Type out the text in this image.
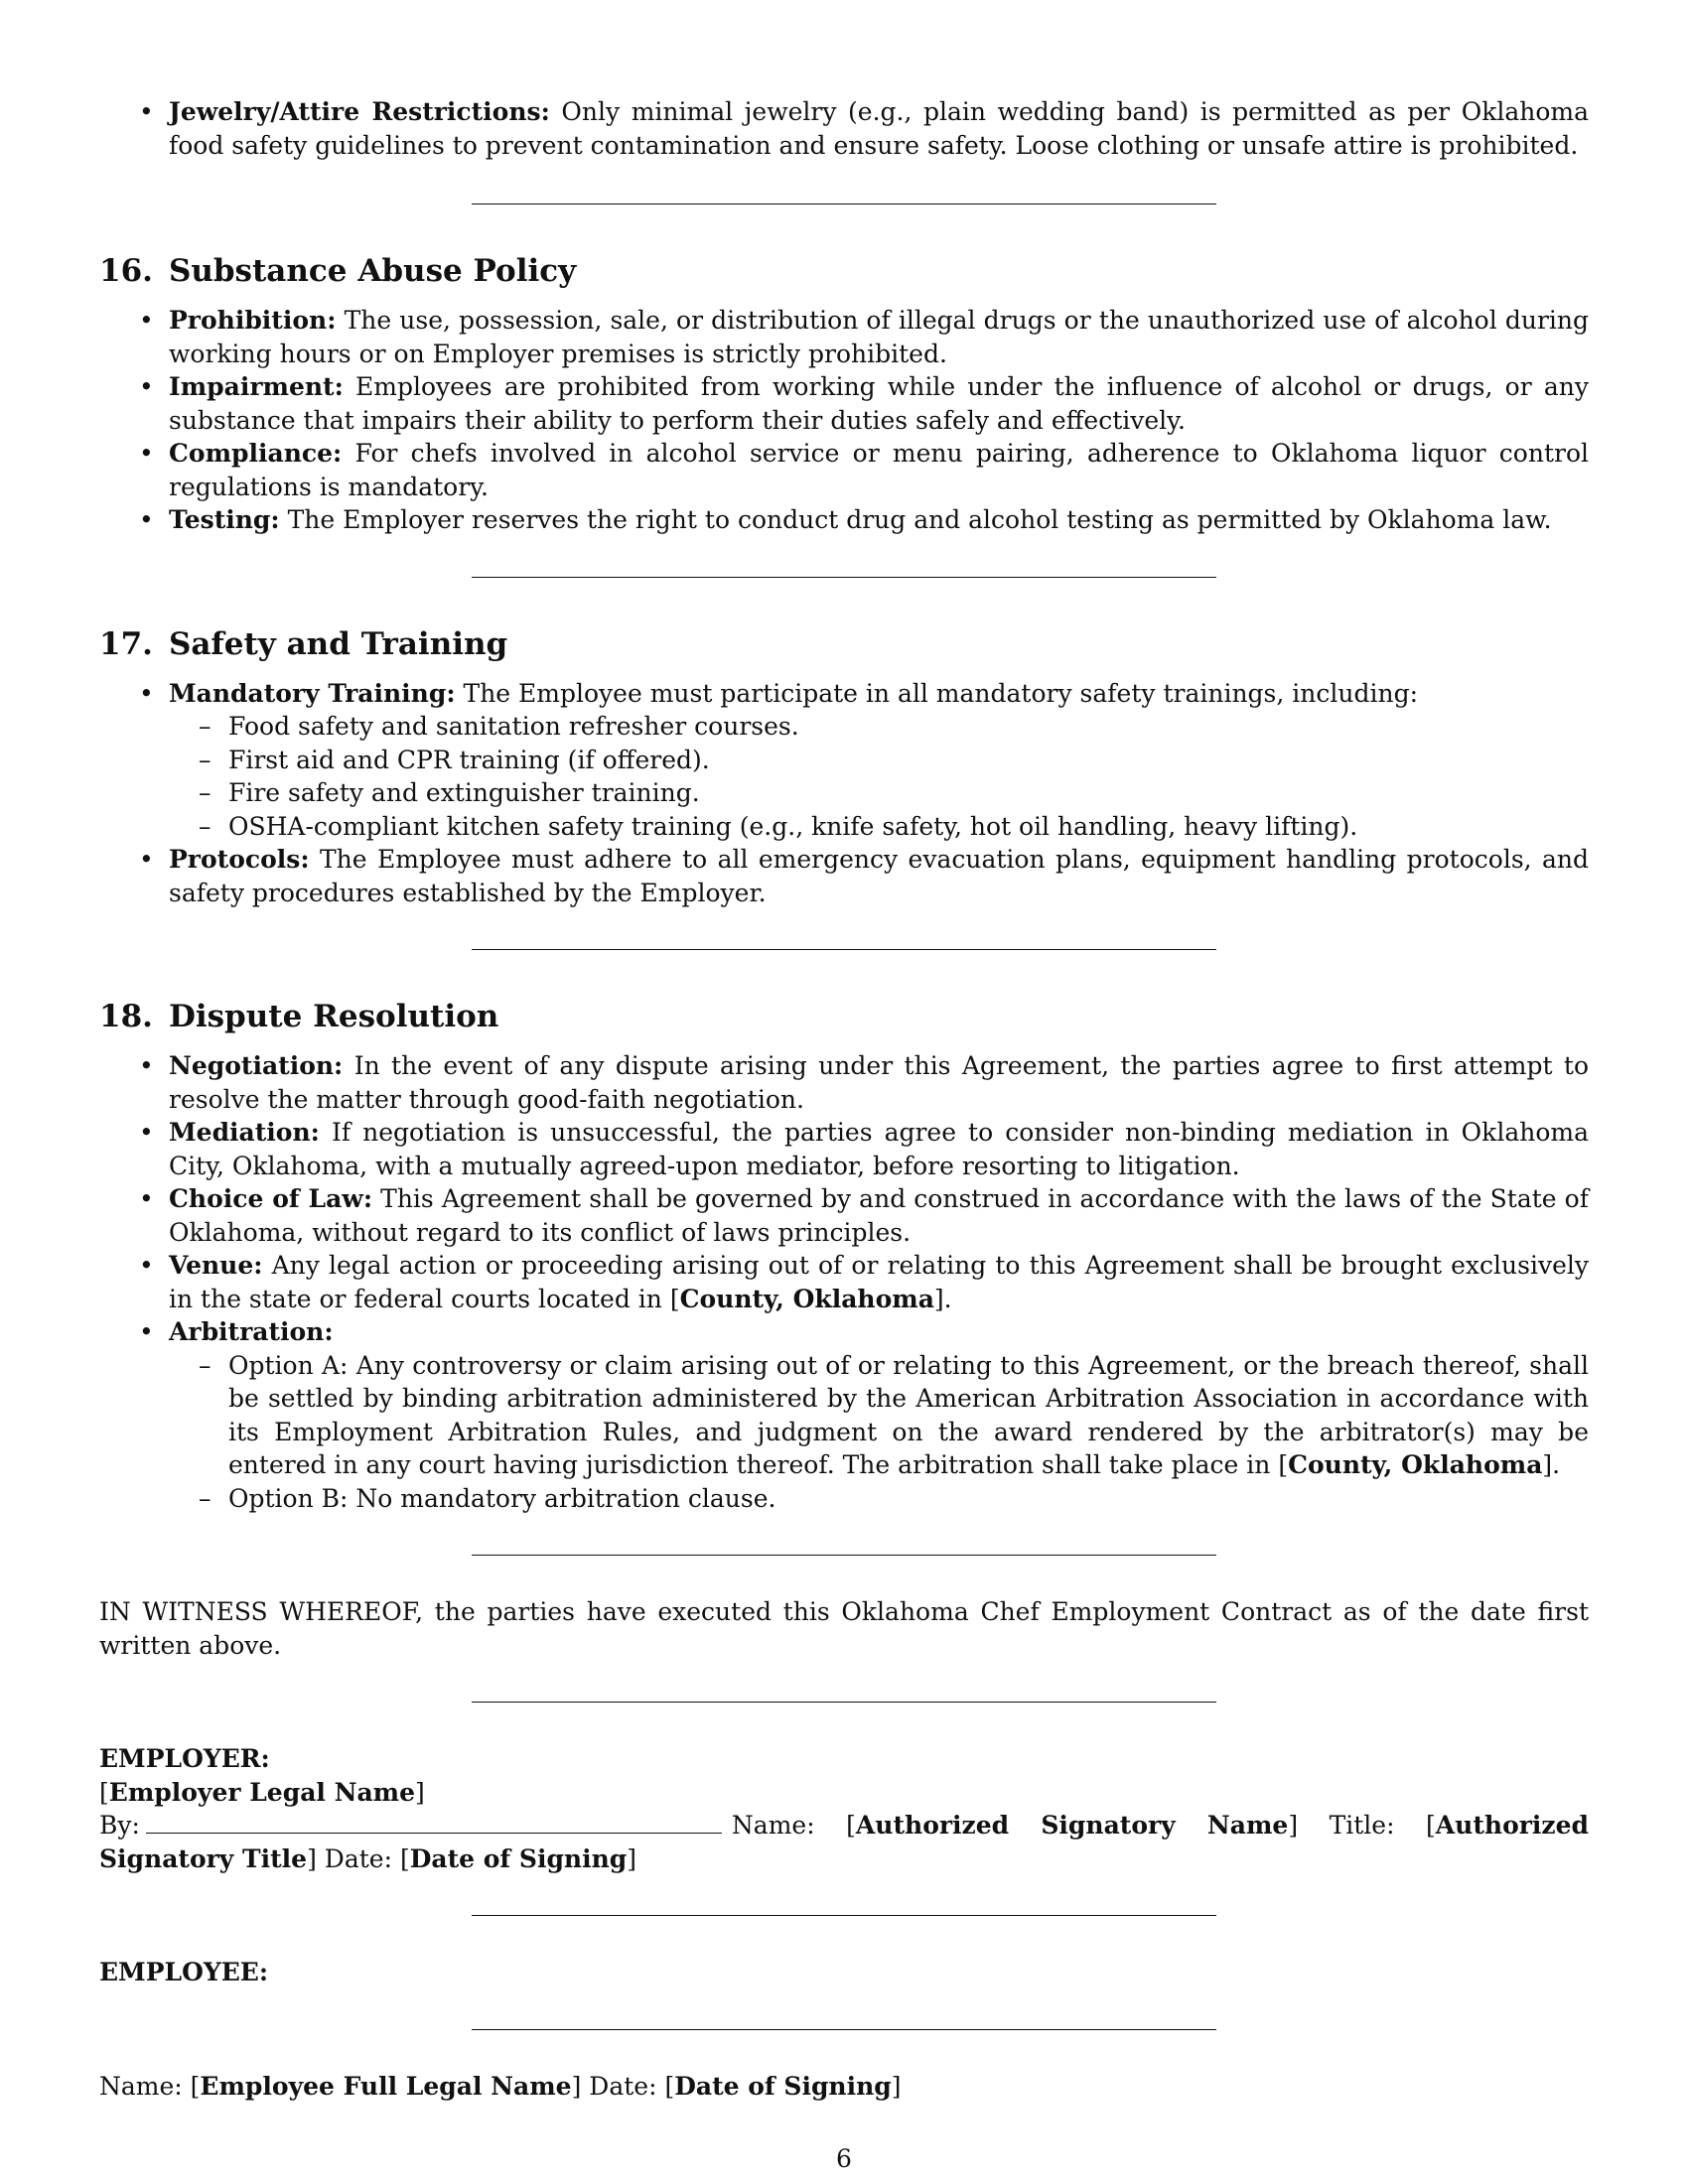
• Jewelry/Attire Restrictions: Only minimal jewelry (e.g., plain wedding band) is permitted as per Oklahoma food safety guidelines to prevent contamination and ensure safety. Loose clothing or unsafe attire is prohibited.
16. Substance Abuse Policy
• Prohibition: The use, possession, sale, or distribution of illegal drugs or the unauthorized use of alcohol during working hours or on Employer premises is strictly prohibited.
• Impairment: Employees are prohibited from working while under the influence of alcohol or drugs, or any substance that impairs their ability to perform their duties safely and effectively.
• Compliance: For chefs involved in alcohol service or menu pairing, adherence to Oklahoma liquor control regulations is mandatory.
• Testing: The Employer reserves the right to conduct drug and alcohol testing as permitted by Oklahoma law.
17. Safety and Training
• Mandatory Training: The Employee must participate in all mandatory safety trainings, including:
– Food safety and sanitation refresher courses.
– First aid and CPR training (if offered).
– Fire safety and extinguisher training.
– OSHA-compliant kitchen safety training (e.g., knife safety, hot oil handling, heavy lifting).
• Protocols: The Employee must adhere to all emergency evacuation plans, equipment handling protocols, and safety procedures established by the Employer.
18. Dispute Resolution
• Negotiation: In the event of any dispute arising under this Agreement, the parties agree to first attempt to resolve the matter through good-faith negotiation.
• Mediation: If negotiation is unsuccessful, the parties agree to consider non-binding mediation in Oklahoma City, Oklahoma, with a mutually agreed-upon mediator, before resorting to litigation.
• Choice of Law: This Agreement shall be governed by and construed in accordance with the laws of the State of Oklahoma, without regard to its conflict of laws principles.
• Venue: Any legal action or proceeding arising out of or relating to this Agreement shall be brought exclusively in the state or federal courts located in [County, Oklahoma].
• Arbitration:
– Option A: Any controversy or claim arising out of or relating to this Agreement, or the breach thereof, shall be settled by binding arbitration administered by the American Arbitration Association in accordance with its Employment Arbitration Rules, and judgment on the award rendered by the arbitrator(s) may be entered in any court having jurisdiction thereof. The arbitration shall take place in [County, Oklahoma].
– Option B: No mandatory arbitration clause.

IN WITNESS WHEREOF, the parties have executed this Oklahoma Chef Employment Contract as of the date first written above.

EMPLOYER:

[Employer Legal Name]

By:	Name: [Authorized Signatory Name] Title: [Authorized Signatory Title] Date: [Date of Signing]

EMPLOYEE:

Name: [Employee Full Legal Name] Date: [Date of Signing]

6
